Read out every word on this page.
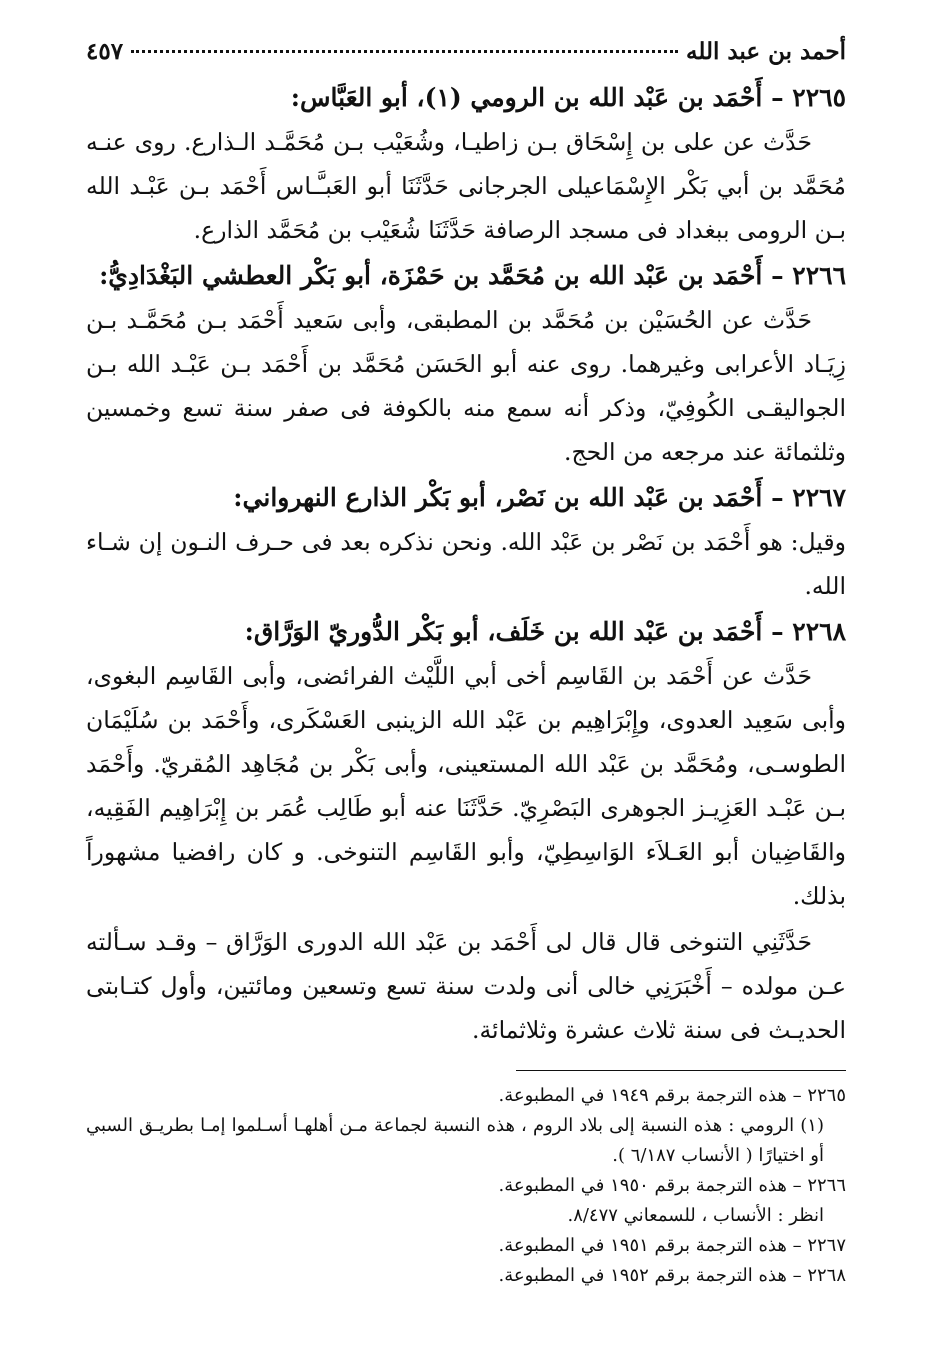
أحمد بن عبد الله
٤٥٧

٢٢٦٥ – أَحْمَد بن عَبْد الله بن الرومي (١)، أبو العَبَّاس:

حَدَّث عن على بن إِسْحَاق بـن زاطيـا، وشُعَيْب بـن مُحَمَّـد الـذارع. روى عنـه مُحَمَّد بن أبي بَكْر الإِسْمَاعيلى الجرجانى حَدَّثَنَا أبو العَبـَّـاس أَحْمَد بـن عَبْـد الله بـن الرومى ببغداد فى مسجد الرصافة حَدَّثَنَا شُعَيْب بن مُحَمَّد الذارع.

٢٢٦٦ – أَحْمَد بن عَبْد الله بن مُحَمَّد بن حَمْزَة، أبو بَكْر العطشي البَغْدَادِيُّ:

حَدَّث عن الحُسَيْن بن مُحَمَّد بن المطبقى، وأبى سَعيد أَحْمَد بـن مُحَمَّـد بـن زِيَـاد الأعرابى وغيرهما. روى عنه أبو الحَسَن مُحَمَّد بن أَحْمَد بـن عَبْـد الله بـن الجواليقـى الكُوفِيّ، وذكر أنه سمع منه بالكوفة فى صفر سنة تسع وخمسين وثلثمائة عند مرجعه من الحج.

٢٢٦٧ – أَحْمَد بن عَبْد الله بن نَصْر، أبو بَكْر الذارع النهرواني:

وقيل: هو أَحْمَد بن نَصْر بن عَبْد الله. ونحن نذكره بعد فى حـرف النـون إن شـاء الله.

٢٢٦٨ – أَحْمَد بن عَبْد الله بن خَلَف، أبو بَكْر الدُّوريّ الوَرَّاق:

حَدَّث عن أَحْمَد بن القَاسِم أخى أبي اللَّيْث الفرائضى، وأبى القَاسِم البغوى، وأبى سَعِيد العدوى، وإِبْرَاهِيم بن عَبْد الله الزينبى العَسْكَرى، وأَحْمَد بن سُلَيْمَان الطوسـى، ومُحَمَّد بن عَبْد الله المستعينى، وأبى بَكْر بن مُجَاهِد المُقريّ. وأَحْمَد بـن عَبْـد العَزِيـز الجوهرى البَصْرِيّ. حَدَّثَنَا عنه أبو طَالِب عُمَر بن إِبْرَاهِيم الفَقِيه، والقَاضِيان أبو العَـلاَء الوَاسِطِيّ، وأبو القَاسِم التنوخى. و كان رافضيا مشهوراً بذلك.

حَدَّثَنِي التنوخى قال قال لى أَحْمَد بن عَبْد الله الدورى الوَرَّاق – وقـد سـألته عـن مولده – أَخْبَرَنِي خالى أنى ولدت سنة تسع وتسعين ومائتين، وأول كتـابتى الحديـث فى سنة ثلاث عشرة وثلاثمائة.

٢٢٦٥ – هذه الترجمة برقم ١٩٤٩ في المطبوعة.

(١) الرومي : هذه النسبة إلى بلاد الروم ، هذه النسبة لجماعة مـن أهلهـا أسـلموا إمـا بطريـق السبي أو اختيارًا ( الأنساب ٦/١٨٧ ).

٢٢٦٦ – هذه الترجمة برقم ١٩٥٠ في المطبوعة.

انظر : الأنساب ، للسمعاني ٨/٤٧٧.

٢٢٦٧ – هذه الترجمة برقم ١٩٥١ في المطبوعة.

٢٢٦٨ – هذه الترجمة برقم ١٩٥٢ في المطبوعة.
